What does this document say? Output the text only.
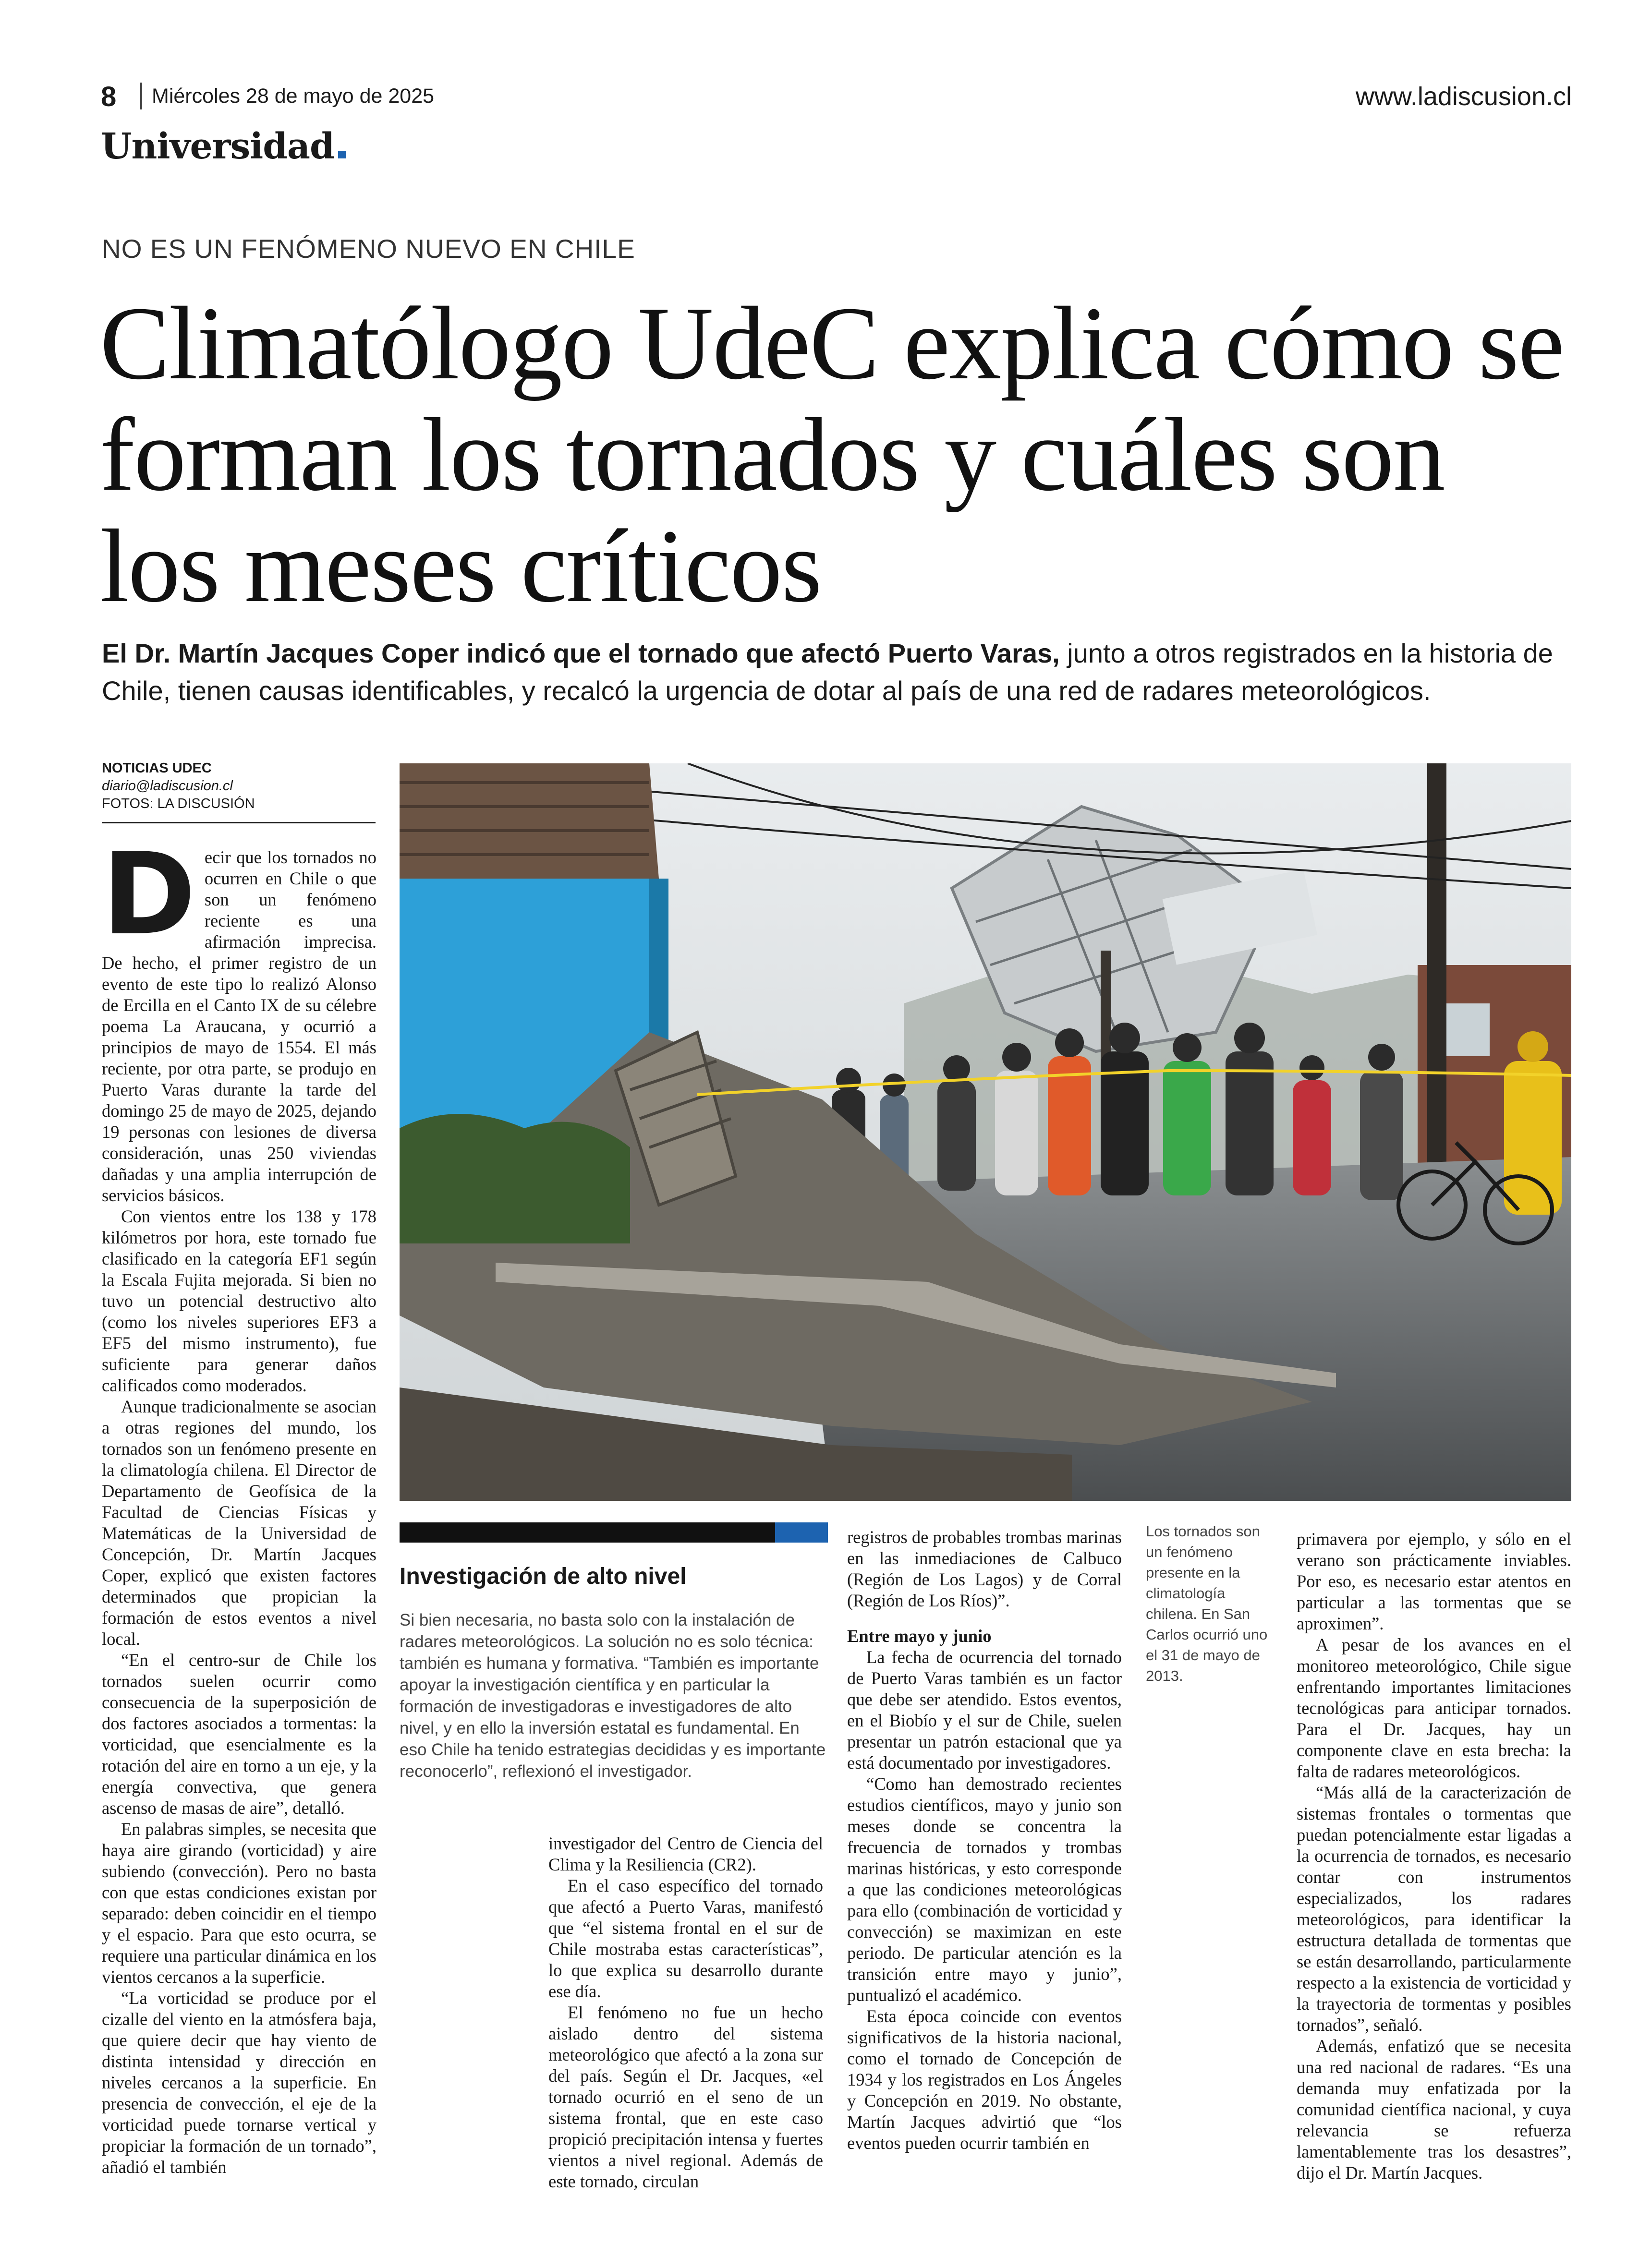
8 Miércoles 28 de mayo de 2025	www.ladiscusion.cl
Universidad
NO ES UN FENÓMENO NUEVO EN CHILE
Climatólogo UdeC explica cómo se forman los tornados y cuáles son los meses críticos
El Dr. Martín Jacques Coper indicó que el tornado que afectó Puerto Varas, junto a otros registrados en la historia de Chile, tienen causas identificables, y recalcó la urgencia de dotar al país de una red de radares meteorológicos.
NOTICIAS UDEC
diario@ladiscusion.cl
FOTOS: LA DISCUSIÓN

Decir que los tornados no ocurren en Chile o que son un fenómeno reciente es una afirmación imprecisa. De hecho, el primer registro de un evento de este tipo lo realizó Alonso de Ercilla en el Canto IX de su célebre poema La Araucana, y ocurrió a principios de mayo de 1554. El más reciente, por otra parte, se produjo en Puerto Varas durante la tarde del domingo 25 de mayo de 2025, dejando 19 personas con lesiones de diversa consideración, unas 250 viviendas dañadas y una amplia interrupción de servicios básicos.

Con vientos entre los 138 y 178 kilómetros por hora, este tornado fue clasificado en la categoría EF1 según la Escala Fujita mejorada. Si bien no tuvo un potencial destructivo alto (como los niveles superiores EF3 a EF5 del mismo instrumento), fue suficiente para generar daños calificados como moderados.

Aunque tradicionalmente se asocian a otras regiones del mundo, los tornados son un fenómeno presente en la climatología chilena. El Director de Departamento de Geofísica de la Facultad de Ciencias Físicas y Matemáticas de la Universidad de Concepción, Dr. Martín Jacques Coper, explicó que existen factores determinados que propician la formación de estos eventos a nivel local.

“En el centro-sur de Chile los tornados suelen ocurrir como consecuencia de la superposición de dos factores asociados a tormentas: la vorticidad, que esencialmente es la rotación del aire en torno a un eje, y la energía convectiva, que genera ascenso de masas de aire”, detalló.

En palabras simples, se necesita que haya aire girando (vorticidad) y aire subiendo (convección). Pero no basta con que estas condiciones existan por separado: deben coincidir en el tiempo y el espacio. Para que esto ocurra, se requiere una particular dinámica en los vientos cercanos a la superficie.

“La vorticidad se produce por el cizalle del viento en la atmósfera baja, que quiere decir que hay viento de distinta intensidad y dirección en niveles cercanos a la superficie. En presencia de convección, el eje de la vorticidad puede tornarse vertical y propiciar la formación de un tornado”, añadió el también

Investigación de alto nivel
Si bien necesaria, no basta solo con la instalación de radares meteorológicos. La solución no es solo técnica: también es humana y formativa. “También es importante apoyar la investigación científica y en particular la formación de investigadoras e investigadores de alto nivel, y en ello la inversión estatal es fundamental. En eso Chile ha tenido estrategias decididas y es importante reconocerlo”, reflexionó el investigador.
Los tornados son un fenómeno presente en la climatología chilena. En San Carlos ocurrió uno el 31 de mayo de 2013.

investigador del Centro de Ciencia del Clima y la Resiliencia (CR2).

En el caso específico del tornado que afectó a Puerto Varas, manifestó que “el sistema frontal en el sur de Chile mostraba estas características”, lo que explica su desarrollo durante ese día.

El fenómeno no fue un hecho aislado dentro del sistema meteorológico que afectó a la zona sur del país. Según el Dr. Jacques, «el tornado ocurrió en el seno de un sistema frontal, que en este caso propició precipitación intensa y fuertes vientos a nivel regional. Además de este tornado, circulan

registros de probables trombas marinas en las inmediaciones de Calbuco (Región de Los Lagos) y de Corral (Región de Los Ríos)”.

Entre mayo y junio

La fecha de ocurrencia del tornado de Puerto Varas también es un factor que debe ser atendido. Estos eventos, en el Biobío y el sur de Chile, suelen presentar un patrón estacional que ya está documentado por investigadores.

“Como han demostrado recientes estudios científicos, mayo y junio son meses donde se concentra la frecuencia de tornados y trombas marinas históricas, y esto corresponde a que las condiciones meteorológicas para ello (combinación de vorticidad y convección) se maximizan en este periodo. De particular atención es la transición entre mayo y junio”, puntualizó el académico.

Esta época coincide con eventos significativos de la historia nacional, como el tornado de Concepción de 1934 y los registrados en Los Ángeles y Concepción en 2019. No obstante, Martín Jacques advirtió que “los eventos pueden ocurrir también en

primavera por ejemplo, y sólo en el verano son prácticamente inviables. Por eso, es necesario estar atentos en particular a las tormentas que se aproximen”.

A pesar de los avances en el monitoreo meteorológico, Chile sigue enfrentando importantes limitaciones tecnológicas para anticipar tornados. Para el Dr. Jacques, hay un componente clave en esta brecha: la falta de radares meteorológicos.

“Más allá de la caracterización de sistemas frontales o tormentas que puedan potencialmente estar ligadas a la ocurrencia de tornados, es necesario contar con instrumentos especializados, los radares meteorológicos, para identificar la estructura detallada de tormentas que se están desarrollando, particularmente respecto a la existencia de vorticidad y la trayectoria de tormentas y posibles tornados”, señaló.

Además, enfatizó que se necesita una red nacional de radares. “Es una demanda muy enfatizada por la comunidad científica nacional, y cuya relevancia se refuerza lamentablemente tras los desastres”, dijo el Dr. Martín Jacques.
